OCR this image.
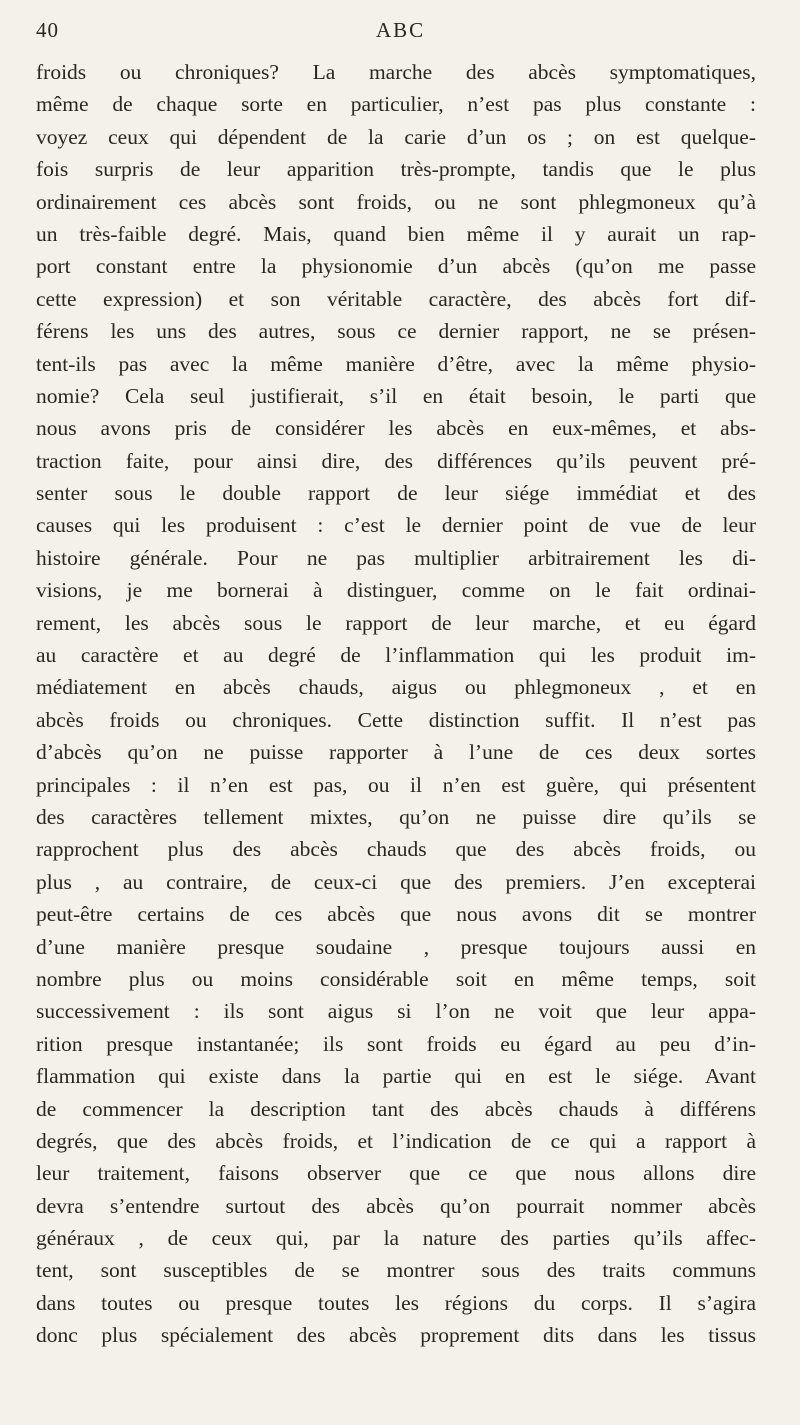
40	ABC
froids ou chroniques? La marche des abcès symptomatiques,
même de chaque sorte en particulier, n’est pas plus constante :
voyez ceux qui dépendent de la carie d’un os ; on est quelque-
fois surpris de leur apparition très-prompte, tandis que le plus
ordinairement ces abcès sont froids, ou ne sont phlegmoneux qu’à
un très-faible degré. Mais, quand bien même il y aurait un rap-
port constant entre la physionomie d’un abcès (qu’on me passe
cette expression) et son véritable caractère, des abcès fort dif-
férens les uns des autres, sous ce dernier rapport, ne se présen-
tent-ils pas avec la même manière d’être, avec la même physio-
nomie? Cela seul justifierait, s’il en était besoin, le parti que
nous avons pris de considérer les abcès en eux-mêmes, et abs-
traction faite, pour ainsi dire, des différences qu’ils peuvent pré-
senter sous le double rapport de leur siége immédiat et des
causes qui les produisent : c’est le dernier point de vue de leur
histoire générale. Pour ne pas multiplier arbitrairement les di-
visions, je me bornerai à distinguer, comme on le fait ordinai-
rement, les abcès sous le rapport de leur marche, et eu égard
au caractère et au degré de l’inflammation qui les produit im-
médiatement en abcès chauds, aigus ou phlegmoneux , et en
abcès froids ou chroniques. Cette distinction suffit. Il n’est pas
d’abcès qu’on ne puisse rapporter à l’une de ces deux sortes
principales : il n’en est pas, ou il n’en est guère, qui présentent
des caractères tellement mixtes, qu’on ne puisse dire qu’ils se
rapprochent plus des abcès chauds que des abcès froids, ou
plus , au contraire, de ceux-ci que des premiers. J’en excepterai
peut-être certains de ces abcès que nous avons dit se montrer
d’une manière presque soudaine , presque toujours aussi en
nombre plus ou moins considérable soit en même temps, soit
successivement : ils sont aigus si l’on ne voit que leur appa-
rition presque instantanée; ils sont froids eu égard au peu d’in-
flammation qui existe dans la partie qui en est le siége. Avant
de commencer la description tant des abcès chauds à différens
degrés, que des abcès froids, et l’indication de ce qui a rapport à
leur traitement, faisons observer que ce que nous allons dire
devra s’entendre surtout des abcès qu’on pourrait nommer abcès
généraux , de ceux qui, par la nature des parties qu’ils affec-
tent, sont susceptibles de se montrer sous des traits communs
dans toutes ou presque toutes les régions du corps. Il s’agira
donc plus spécialement des abcès proprement dits dans les tissus
